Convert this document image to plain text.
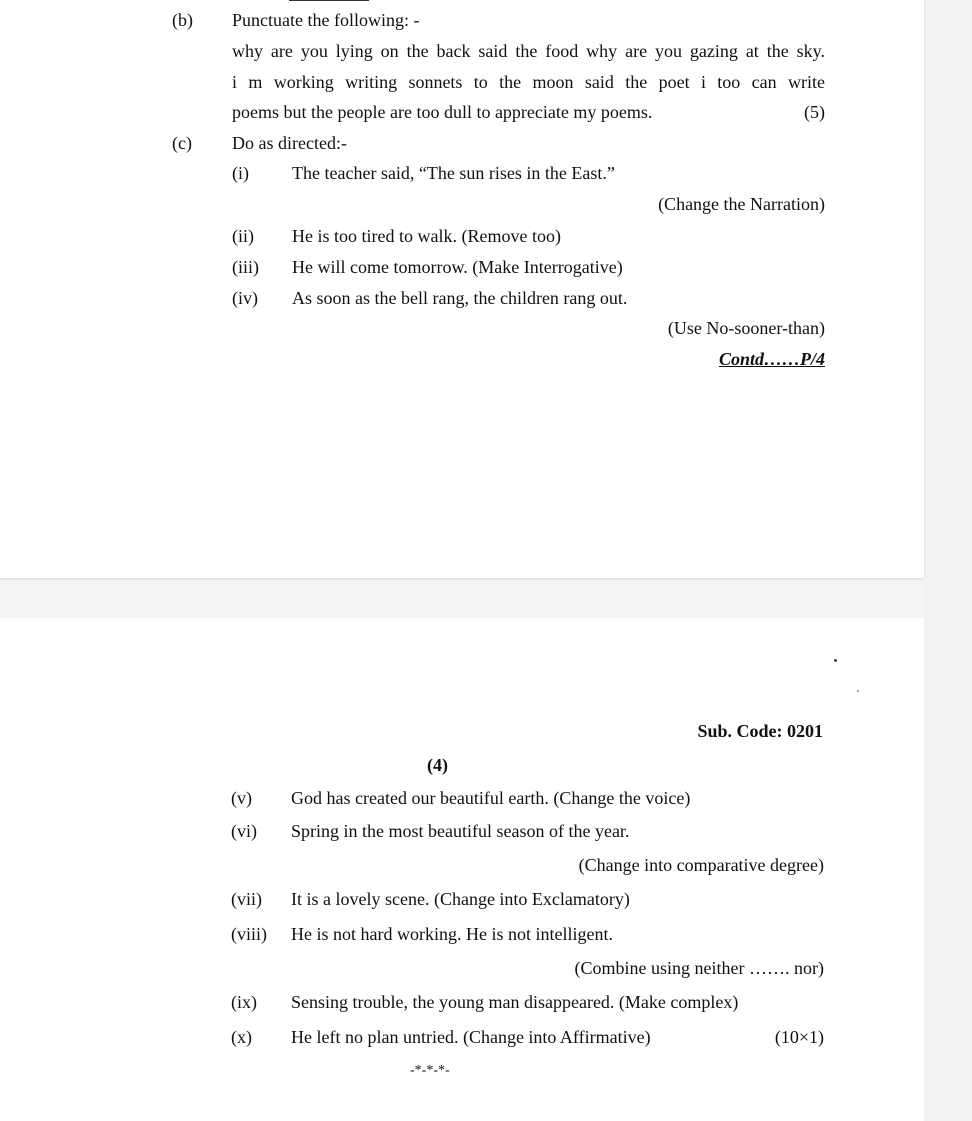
(b) Punctuate the following: -
why are you lying on the back said the food why are you gazing at the sky.
i m working writing sonnets to the moon said the poet i too can write
poems but the people are too dull to appreciate my poems.	(5)
(c) Do as directed:-
(i) The teacher said, “The sun rises in the East.”
(Change the Narration)
(ii) He is too tired to walk. (Remove too)
(iii) He will come tomorrow. (Make Interrogative)
(iv) As soon as the bell rang, the children rang out.
(Use No-sooner-than)
Contd……P/4
Sub. Code: 0201
(4)
(v) God has created our beautiful earth. (Change the voice)
(vi) Spring in the most beautiful season of the year.
(Change into comparative degree)
(vii) It is a lovely scene. (Change into Exclamatory)
(viii) He is not hard working. He is not intelligent.
(Combine using neither ……. nor)
(ix) Sensing trouble, the young man disappeared. (Make complex)
(x) He left no plan untried. (Change into Affirmative)	(10×1)
-*-*-*-
